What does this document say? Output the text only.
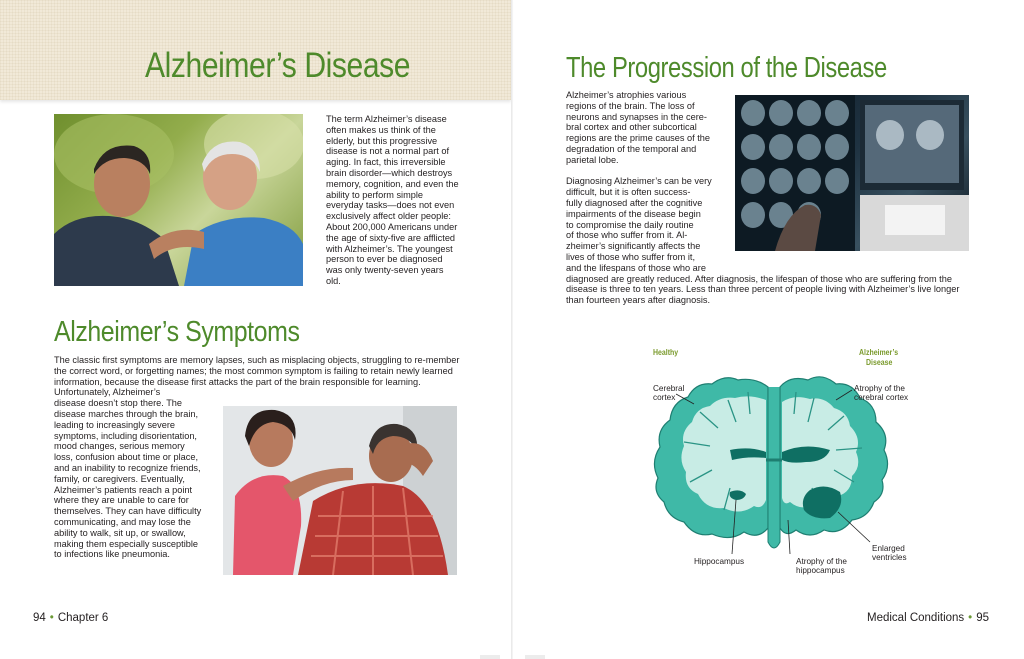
Alzheimer’s Disease

The term Alzheimer’s disease often makes us think of the elderly, but this progressive disease is not a normal part of aging. In fact, this irreversible brain disorder—which destroys memory, cognition, and even the ability to perform simple everyday tasks—does not even exclusively affect older people: About 200,000 Americans under the age of sixty-five are afflicted with Alzheimer’s. The youngest person to ever be diagnosed was only twenty-seven years old.

Alzheimer’s Symptoms

The classic first symptoms are memory lapses, such as misplacing objects, struggling to re-member the correct word, or forgetting names; the most common symptom is failing to retain newly learned information, because the disease first attacks the part of the brain responsible for learning.

Unfortunately, Alzheimer’s
disease doesn’t stop there. The
disease marches through the brain,
leading to increasingly severe
symptoms, including disorientation,
mood changes, serious memory
loss, confusion about time or place,
and an inability to recognize friends,
family, or caregivers. Eventually,
Alzheimer’s patients reach a point
where they are unable to care for
themselves. They can have difficulty
communicating, and may lose the
ability to walk, sit up, or swallow,
making them especially susceptible
to infections like pneumonia.
94 • Chapter 6
The Progression of the Disease
Alzheimer’s atrophies various
regions of the brain. The loss of
neurons and synapses in the cere-
bral cortex and other subcortical
regions are the prime causes of the
degradation of the temporal and
parietal lobe.
Diagnosing Alzheimer’s can be very
difficult, but it is often success-
fully diagnosed after the cognitive
impairments of the disease begin
to compromise the daily routine
of those who suffer from it. Al-
zheimer’s significantly affects the
lives of those who suffer from it,
and the lifespans of those who are
diagnosed are greatly reduced. After diagnosis, the lifespan of those who are suffering from the
disease is three to ten years. Less than three percent of people living with Alzheimer’s live longer
than fourteen years after diagnosis.
Healthy	Alzheimer’s
Disease
Cerebral
cortex
Atrophy of the
cerebral cortex
Hippocampus	Atrophy of the
hippocampus
Enlarged
ventricles
Medical Conditions • 95
